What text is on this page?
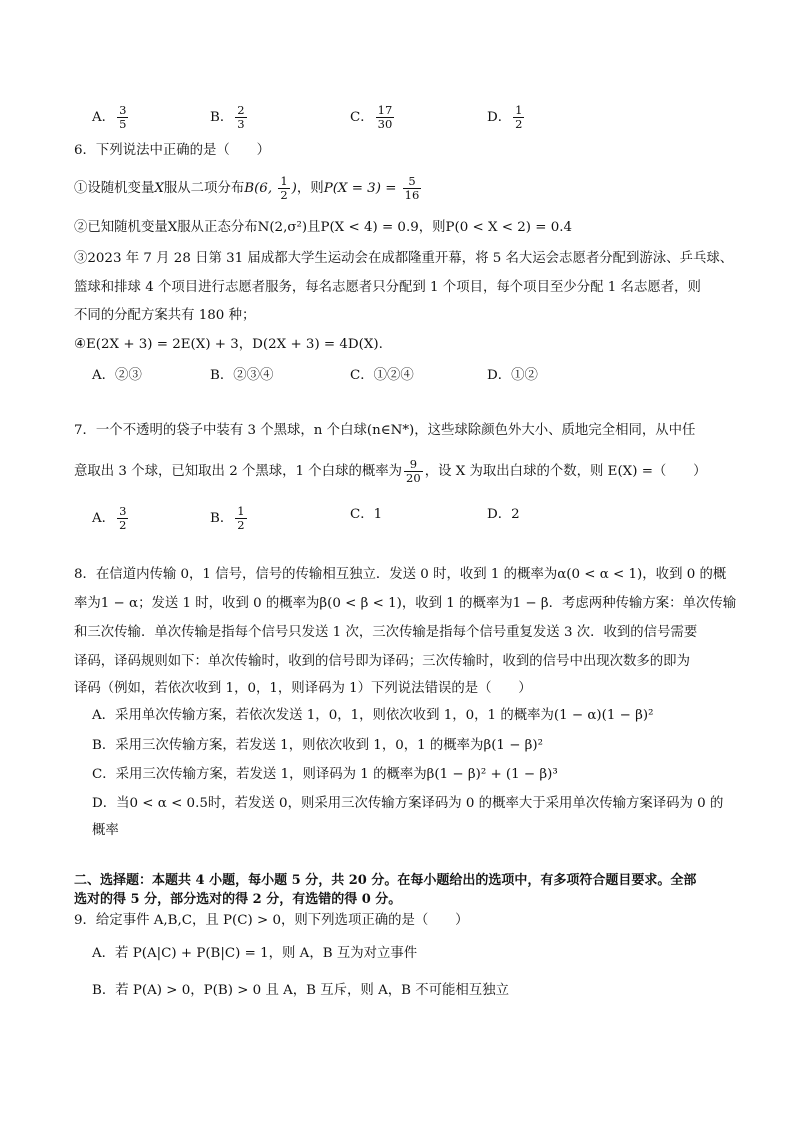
A． $\frac{3}{5}$	B． $\frac{2}{3}$	C． $\frac{17}{30}$	D． $\frac{1}{2}$
6．下列说法中正确的是（　　）
①设随机变量X服从二项分布B(6, $\frac{1}{2}$ )，则$P(X = 3) = \frac{5}{16}$
②已知随机变量X服从正态分布N(2,σ²)且P(X < 4) = 0.9，则P(0 < X < 2) = 0.4
③2023 年 7 月 28 日第 31 届成都大学生运动会在成都隆重开幕，将 5 名大运会志愿者分配到游泳、乒乓球、
篮球和排球 4 个项目进行志愿者服务，每名志愿者只分配到 1 个项目，每个项目至少分配 1 名志愿者，则
不同的分配方案共有 180 种；
④E(2X + 3) = 2E(X) + 3，D(2X + 3) = 4D(X).
A．②③	B．②③④	C．①②④	D．①②
7．一个不透明的袋子中装有 3 个黑球，n 个白球(n∈N*)，这些球除颜色外大小、质地完全相同，从中任
意取出 3 个球，已知取出 2 个黑球，1 个白球的概率为 $\frac{9}{20}$ ，设 X 为取出白球的个数，则 E(X) =（　　）
A． $\frac{3}{2}$	B． $\frac{1}{2}$	C．1	D．2
8．在信道内传输 0，1 信号，信号的传输相互独立．发送 0 时，收到 1 的概率为α(0 < α < 1)，收到 0 的概
率为1 − α；发送 1 时，收到 0 的概率为β(0 < β < 1)，收到 1 的概率为1 − β．考虑两种传输方案：单次传输
和三次传输．单次传输是指每个信号只发送 1 次，三次传输是指每个信号重复发送 3 次．收到的信号需要
译码，译码规则如下：单次传输时，收到的信号即为译码；三次传输时，收到的信号中出现次数多的即为
译码（例如，若依次收到 1，0，1，则译码为 1）下列说法错误的是（　　）
A．采用单次传输方案，若依次发送 1，0，1，则依次收到 1，0，1 的概率为(1 − α)(1 − β)²
B．采用三次传输方案，若发送 1，则依次收到 1，0，1 的概率为β(1 − β)²
C．采用三次传输方案，若发送 1，则译码为 1 的概率为β(1 − β)² + (1 − β)³
D．当0 < α < 0.5时，若发送 0，则采用三次传输方案译码为 0 的概率大于采用单次传输方案译码为 0 的
概率
二、选择题：本题共 4 小题，每小题 5 分，共 20 分。在每小题给出的选项中，有多项符合题目要求。全部
选对的得 5 分，部分选对的得 2 分，有选错的得 0 分。
9．给定事件 A,B,C，且 P(C) > 0，则下列选项正确的是（　　）
A．若 P(A|C) + P(B|C) = 1，则 A，B 互为对立事件
B．若 P(A) > 0，P(B) > 0 且 A，B 互斥，则 A，B 不可能相互独立
